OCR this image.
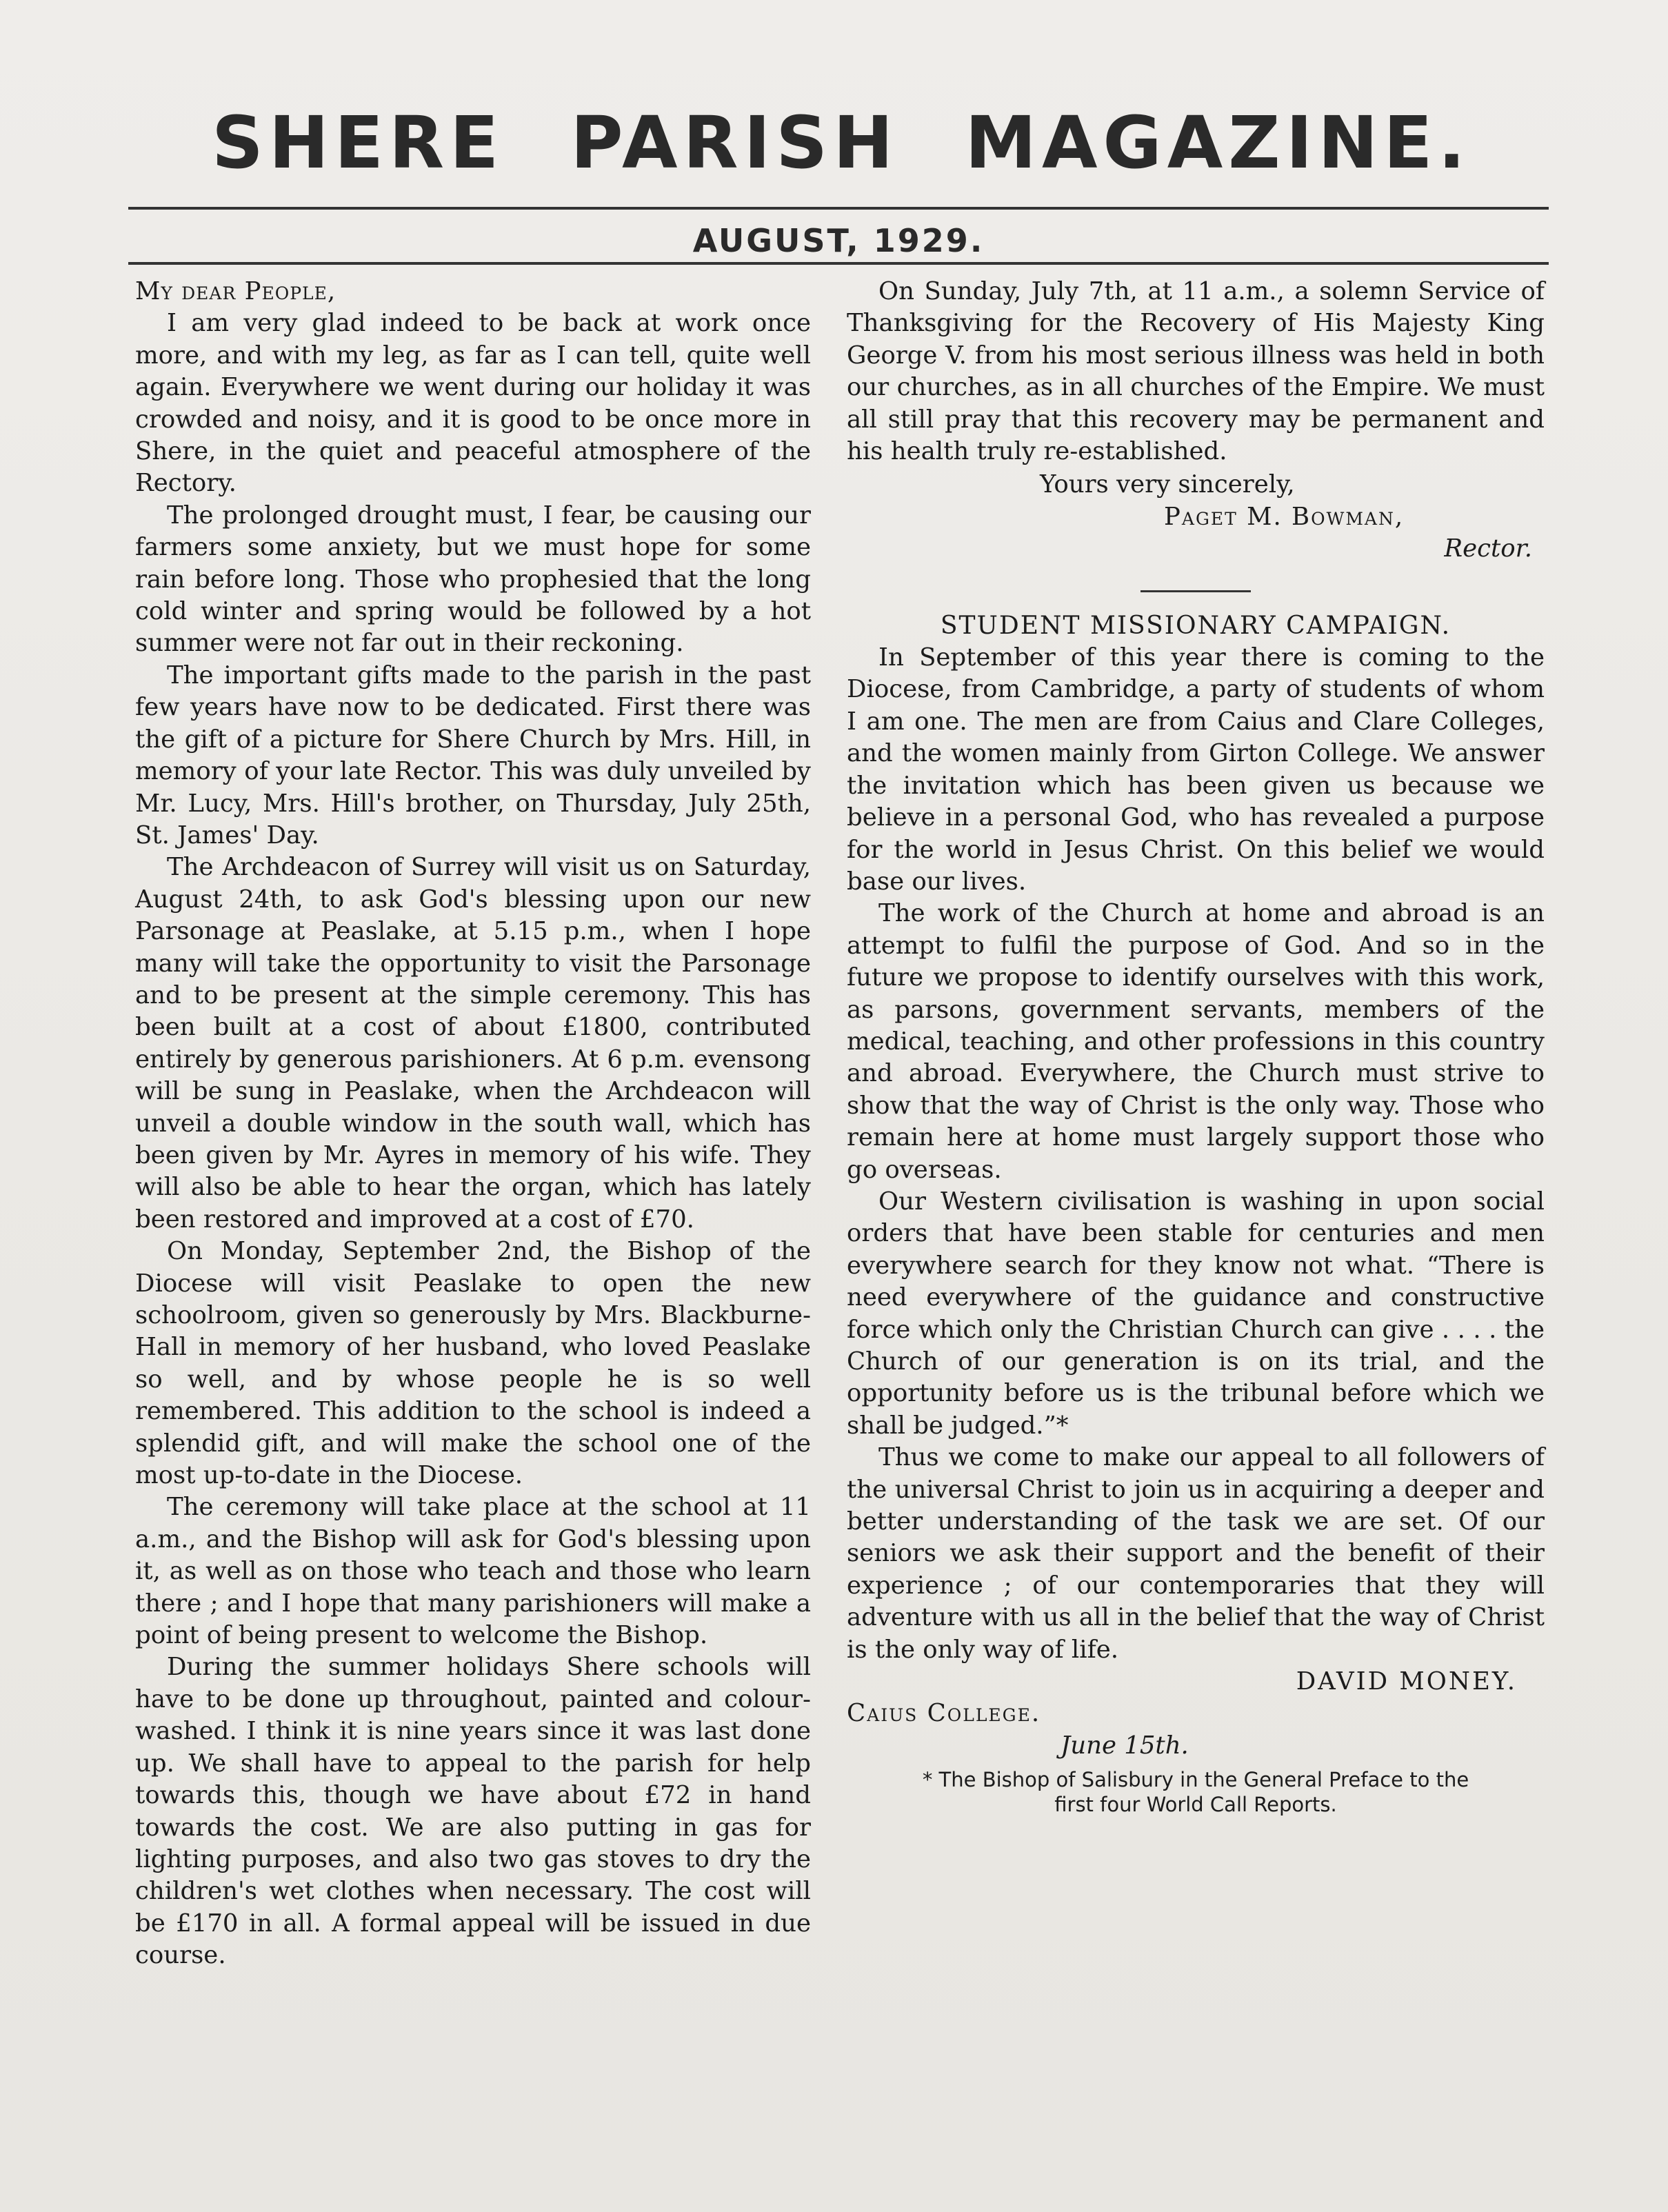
SHERE PARISH MAGAZINE.
AUGUST, 1929.

My dear People,

I am very glad indeed to be back at work once more, and with my leg, as far as I can tell, quite well again. Everywhere we went during our holiday it was crowded and noisy, and it is good to be once more in Shere, in the quiet and peaceful atmosphere of the Rectory.

The prolonged drought must, I fear, be causing our farmers some anxiety, but we must hope for some rain before long. Those who prophesied that the long cold winter and spring would be followed by a hot summer were not far out in their reckoning.

The important gifts made to the parish in the past few years have now to be dedicated. First there was the gift of a picture for Shere Church by Mrs. Hill, in memory of your late Rector. This was duly unveiled by Mr. Lucy, Mrs. Hill's brother, on Thursday, July 25th, St. James' Day.

The Archdeacon of Surrey will visit us on Saturday, August 24th, to ask God's blessing upon our new Parsonage at Peaslake, at 5.15 p.m., when I hope many will take the opportunity to visit the Parsonage and to be present at the simple ceremony. This has been built at a cost of about £1800, contributed entirely by generous parishioners. At 6 p.m. evensong will be sung in Peaslake, when the Archdeacon will unveil a double window in the south wall, which has been given by Mr. Ayres in memory of his wife. They will also be able to hear the organ, which has lately been restored and improved at a cost of £70.

On Monday, September 2nd, the Bishop of the Diocese will visit Peaslake to open the new schoolroom, given so generously by Mrs. Blackburne-Hall in memory of her husband, who loved Peaslake so well, and by whose people he is so well remembered. This addition to the school is indeed a splendid gift, and will make the school one of the most up-to-date in the Diocese.

The ceremony will take place at the school at 11 a.m., and the Bishop will ask for God's blessing upon it, as well as on those who teach and those who learn there ; and I hope that many parishioners will make a point of being present to welcome the Bishop.

During the summer holidays Shere schools will have to be done up throughout, painted and colour-washed. I think it is nine years since it was last done up. We shall have to appeal to the parish for help towards this, though we have about £72 in hand towards the cost. We are also putting in gas for lighting purposes, and also two gas stoves to dry the children's wet clothes when necessary. The cost will be £170 in all. A formal appeal will be issued in due course.

On Sunday, July 7th, at 11 a.m., a solemn Service of Thanksgiving for the Recovery of His Majesty King George V. from his most serious illness was held in both our churches, as in all churches of the Empire. We must all still pray that this recovery may be permanent and his health truly re-established.

Yours very sincerely,
Paget M. Bowman,
Rector.

STUDENT MISSIONARY CAMPAIGN.

In September of this year there is coming to the Diocese, from Cambridge, a party of students of whom I am one. The men are from Caius and Clare Colleges, and the women mainly from Girton College. We answer the invitation which has been given us because we believe in a personal God, who has revealed a purpose for the world in Jesus Christ. On this belief we would base our lives.

The work of the Church at home and abroad is an attempt to fulfil the purpose of God. And so in the future we propose to identify ourselves with this work, as parsons, government servants, members of the medical, teaching, and other professions in this country and abroad. Everywhere, the Church must strive to show that the way of Christ is the only way. Those who remain here at home must largely support those who go overseas.

Our Western civilisation is washing in upon social orders that have been stable for centuries and men everywhere search for they know not what. “There is need everywhere of the guidance and constructive force which only the Christian Church can give . . . . the Church of our generation is on its trial, and the opportunity before us is the tribunal before which we shall be judged.”*

Thus we come to make our appeal to all followers of the universal Christ to join us in acquiring a deeper and better understanding of the task we are set. Of our seniors we ask their support and the benefit of their experience ; of our contemporaries that they will adventure with us all in the belief that the way of Christ is the only way of life.

DAVID MONEY.

Caius College.

June 15th.

* The Bishop of Salisbury in the General Preface to the
first four World Call Reports.
